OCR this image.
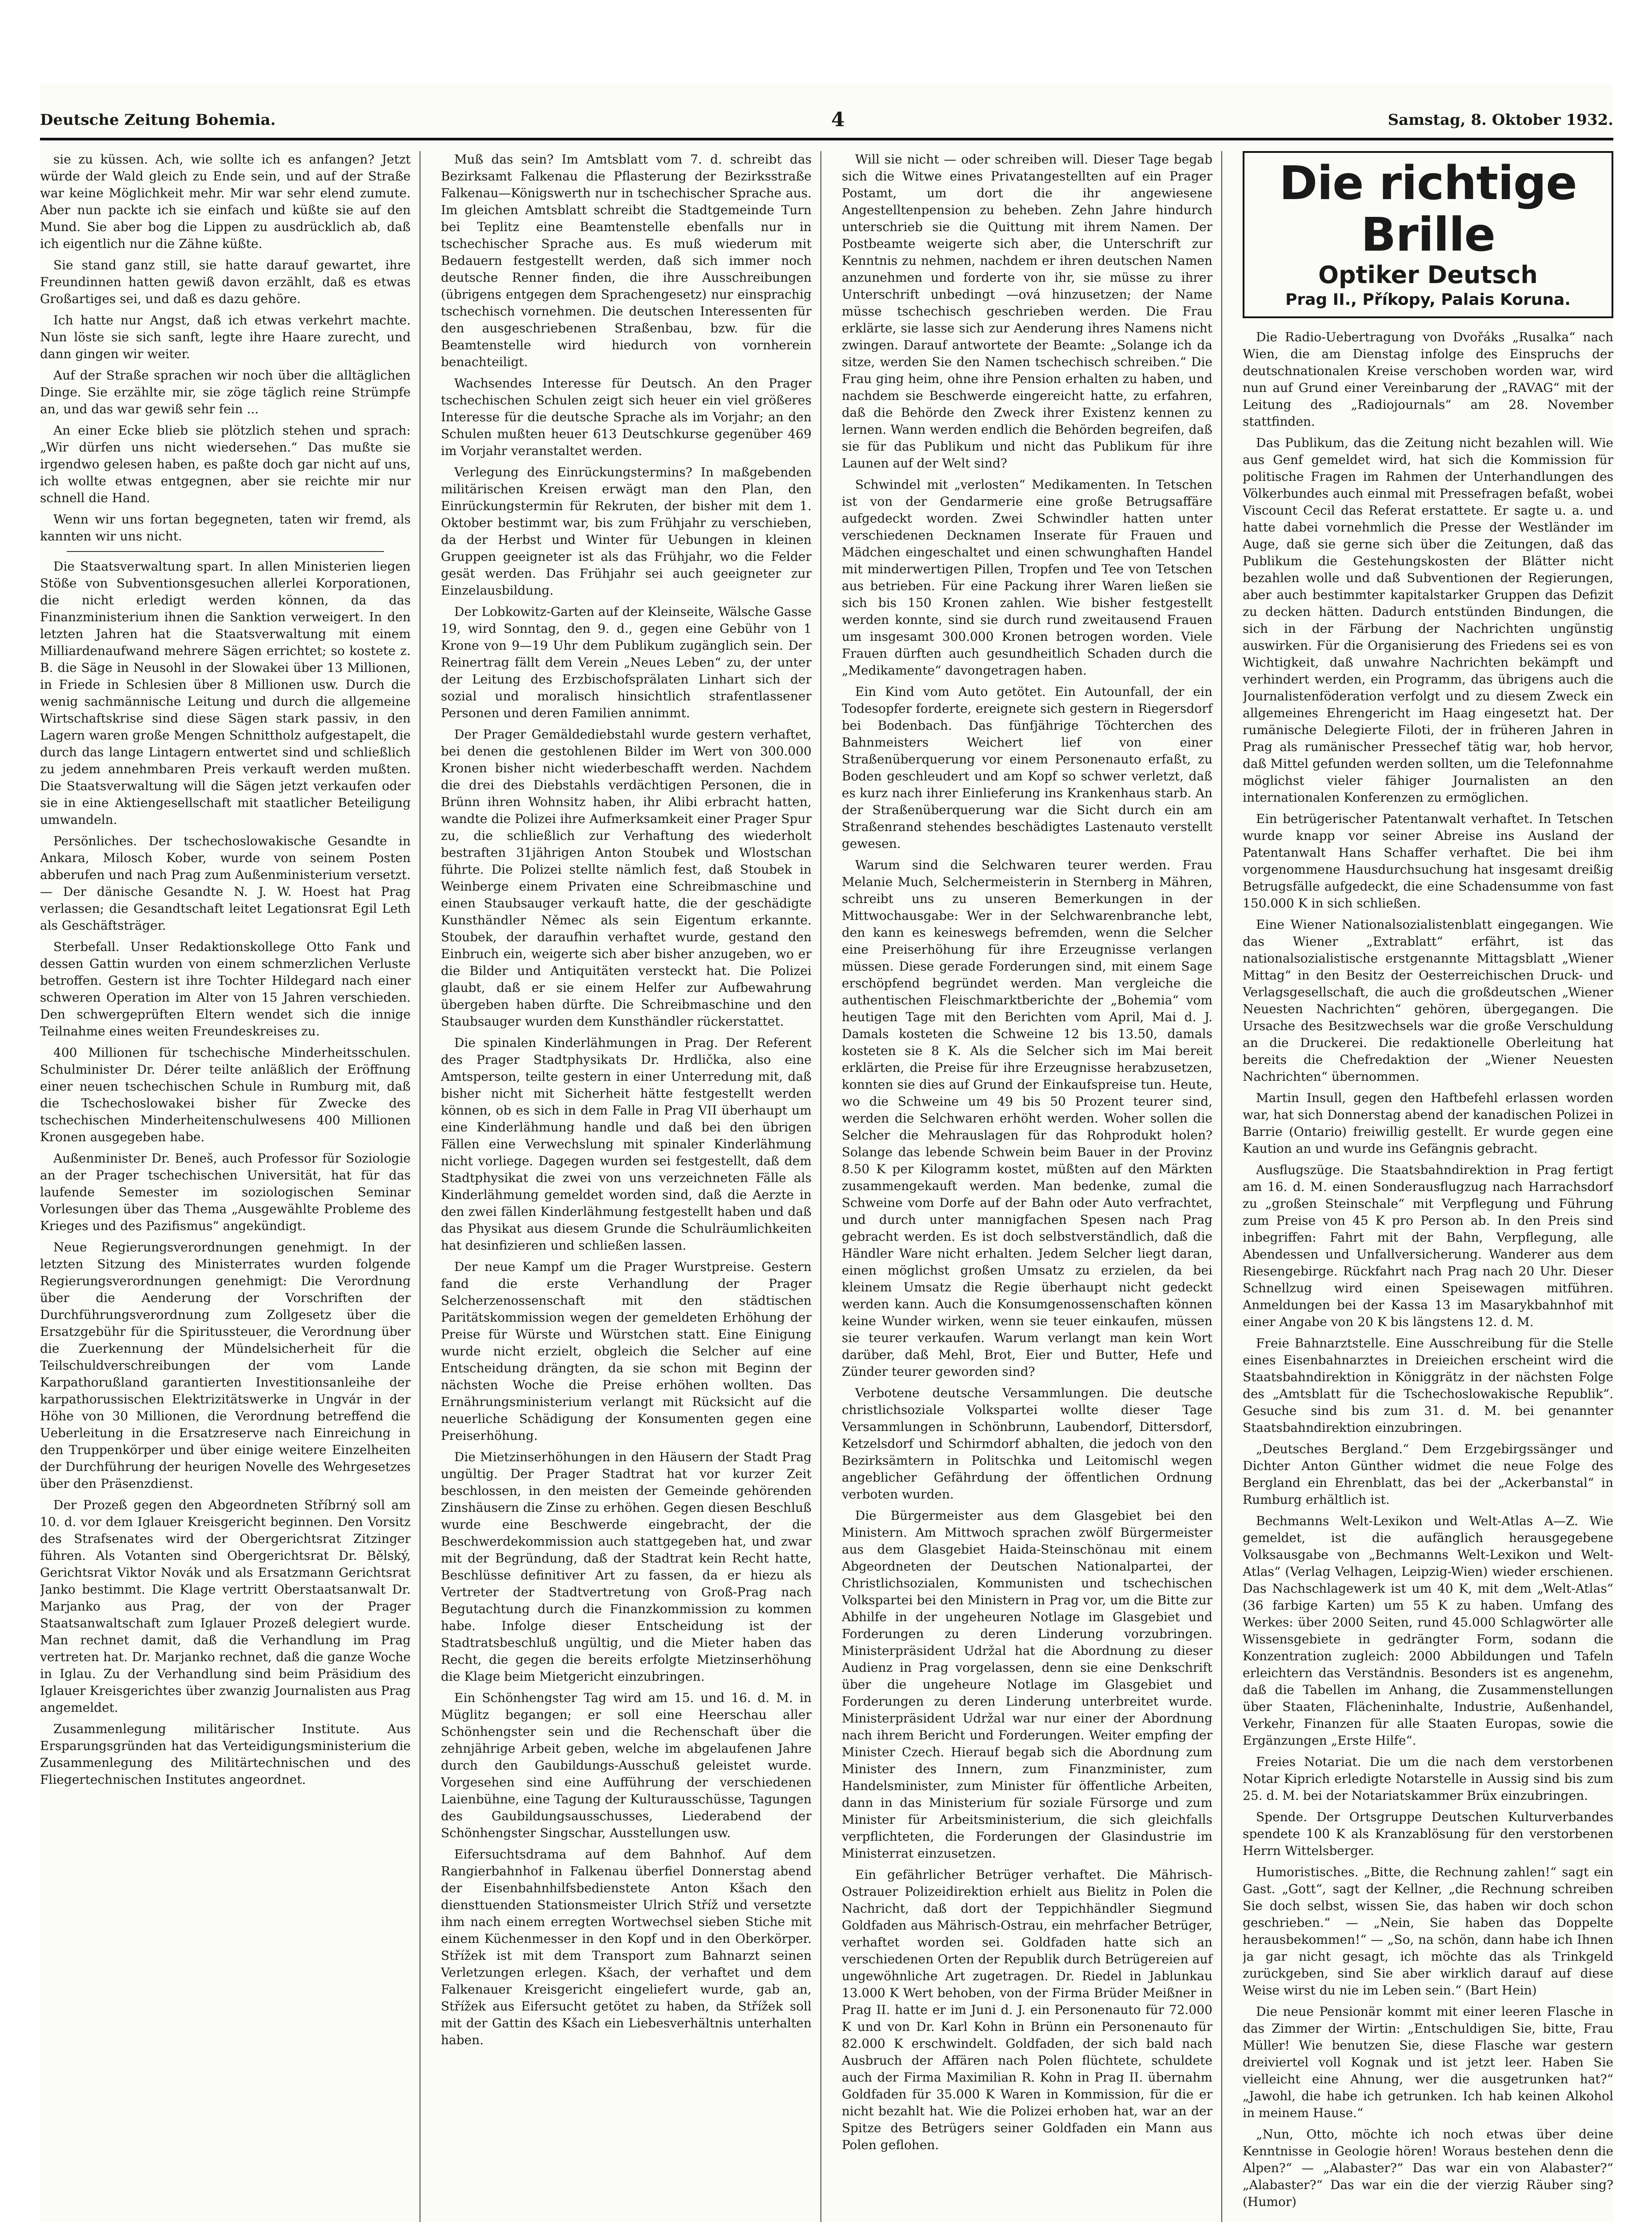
Deutsche Zeitung Bohemia.	4	Samstag, 8. Oktober 1932.

sie zu küssen. Ach, wie sollte ich es anfangen? Jetzt würde der Wald gleich zu Ende sein, und auf der Straße war keine Möglichkeit mehr. Mir war sehr elend zumute. Aber nun packte ich sie einfach und küßte sie auf den Mund. Sie aber bog die Lippen zu ausdrücklich ab, daß ich eigentlich nur die Zähne küßte.

Sie stand ganz still, sie hatte darauf gewartet, ihre Freundinnen hatten gewiß davon erzählt, daß es etwas Großartiges sei, und daß es dazu gehöre.

Ich hatte nur Angst, daß ich etwas verkehrt machte. Nun löste sie sich sanft, legte ihre Haare zurecht, und dann gingen wir weiter.

Auf der Straße sprachen wir noch über die alltäglichen Dinge. Sie erzählte mir, sie zöge täglich reine Strümpfe an, und das war gewiß sehr fein ...

An einer Ecke blieb sie plötzlich stehen und sprach: „Wir dürfen uns nicht wiedersehen.“ Das mußte sie irgendwo gelesen haben, es paßte doch gar nicht auf uns, ich wollte etwas entgegnen, aber sie reichte mir nur schnell die Hand.

Wenn wir uns fortan begegneten, taten wir fremd, als kannten wir uns nicht.

Die Staatsverwaltung spart. In allen Ministerien liegen Stöße von Subventionsgesuchen allerlei Korporationen, die nicht erledigt werden können, da das Finanzministerium ihnen die Sanktion verweigert. In den letzten Jahren hat die Staatsverwaltung mit einem Milliardenaufwand mehrere Sägen errichtet; so kostete z. B. die Säge in Neusohl in der Slowakei über 13 Millionen, in Friede in Schlesien über 8 Millionen usw. Durch die wenig sachmännische Leitung und durch die allgemeine Wirtschaftskrise sind diese Sägen stark passiv, in den Lagern waren große Mengen Schnittholz aufgestapelt, die durch das lange Lintagern entwertet sind und schließlich zu jedem annehmbaren Preis verkauft werden mußten. Die Staatsverwaltung will die Sägen jetzt verkaufen oder sie in eine Aktiengesellschaft mit staatlicher Beteiligung umwandeln.

Persönliches. Der tschechoslowakische Gesandte in Ankara, Milosch Kober, wurde von seinem Posten abberufen und nach Prag zum Außenministerium versetzt. — Der dänische Gesandte N. J. W. Hoest hat Prag verlassen; die Gesandtschaft leitet Legationsrat Egil Leth als Geschäftsträger.

Sterbefall. Unser Redaktionskollege Otto Fank und dessen Gattin wurden von einem schmerzlichen Verluste betroffen. Gestern ist ihre Tochter Hildegard nach einer schweren Operation im Alter von 15 Jahren verschieden. Den schwergeprüften Eltern wendet sich die innige Teilnahme eines weiten Freundeskreises zu.

400 Millionen für tschechische Minderheitsschulen. Schulminister Dr. Dérer teilte anläßlich der Eröffnung einer neuen tschechischen Schule in Rumburg mit, daß die Tschechoslowakei bisher für Zwecke des tschechischen Minderheitenschulwesens 400 Millionen Kronen ausgegeben habe.

Außenminister Dr. Beneš, auch Professor für Soziologie an der Prager tschechischen Universität, hat für das laufende Semester im soziologischen Seminar Vorlesungen über das Thema „Ausgewählte Probleme des Krieges und des Pazifismus“ angekündigt.

Neue Regierungsverordnungen genehmigt. In der letzten Sitzung des Ministerrates wurden folgende Regierungsverordnungen genehmigt: Die Verordnung über die Aenderung der Vorschriften der Durchführungsverordnung zum Zollgesetz über die Ersatzgebühr für die Spiritussteuer, die Verordnung über die Zuerkennung der Mündelsicherheit für die Teilschuldverschreibungen der vom Lande Karpathorußland garantierten Investitionsanleihe der karpathorussischen Elektrizitätswerke in Ungvár in der Höhe von 30 Millionen, die Verordnung betreffend die Ueberleitung in die Ersatzreserve nach Einreichung in den Truppenkörper und über einige weitere Einzelheiten der Durchführung der heurigen Novelle des Wehrgesetzes über den Präsenzdienst.

Der Prozeß gegen den Abgeordneten Stříbrný soll am 10. d. vor dem Iglauer Kreisgericht beginnen. Den Vorsitz des Strafsenates wird der Obergerichtsrat Zitzinger führen. Als Votanten sind Obergerichtsrat Dr. Bělský, Gerichtsrat Viktor Novák und als Ersatzmann Gerichtsrat Janko bestimmt. Die Klage vertritt Oberstaatsanwalt Dr. Marjanko aus Prag, der von der Prager Staatsanwaltschaft zum Iglauer Prozeß delegiert wurde. Man rechnet damit, daß die Verhandlung im Prag vertreten hat. Dr. Marjanko rechnet, daß die ganze Woche in Iglau. Zu der Verhandlung sind beim Präsidium des Iglauer Kreisgerichtes über zwanzig Journalisten aus Prag angemeldet.

Zusammenlegung militärischer Institute. Aus Ersparungsgründen hat das Verteidigungsministerium die Zusammenlegung des Militärtechnischen und des Fliegertechnischen Institutes angeordnet.

Muß das sein? Im Amtsblatt vom 7. d. schreibt das Bezirksamt Falkenau die Pflasterung der Bezirksstraße Falkenau—Königswerth nur in tschechischer Sprache aus. Im gleichen Amtsblatt schreibt die Stadtgemeinde Turn bei Teplitz eine Beamtenstelle ebenfalls nur in tschechischer Sprache aus. Es muß wiederum mit Bedauern festgestellt werden, daß sich immer noch deutsche Renner finden, die ihre Ausschreibungen (übrigens entgegen dem Sprachengesetz) nur einsprachig tschechisch vornehmen. Die deutschen Interessenten für den ausgeschriebenen Straßenbau, bzw. für die Beamtenstelle wird hiedurch von vornherein benachteiligt.

Wachsendes Interesse für Deutsch. An den Prager tschechischen Schulen zeigt sich heuer ein viel größeres Interesse für die deutsche Sprache als im Vorjahr; an den Schulen mußten heuer 613 Deutschkurse gegenüber 469 im Vorjahr veranstaltet werden.

Verlegung des Einrückungstermins? In maßgebenden militärischen Kreisen erwägt man den Plan, den Einrückungstermin für Rekruten, der bisher mit dem 1. Oktober bestimmt war, bis zum Frühjahr zu verschieben, da der Herbst und Winter für Uebungen in kleinen Gruppen geeigneter ist als das Frühjahr, wo die Felder gesät werden. Das Frühjahr sei auch geeigneter zur Einzelausbildung.

Der Lobkowitz-Garten auf der Kleinseite, Wälsche Gasse 19, wird Sonntag, den 9. d., gegen eine Gebühr von 1 Krone von 9—19 Uhr dem Publikum zugänglich sein. Der Reinertrag fällt dem Verein „Neues Leben“ zu, der unter der Leitung des Erzbischofsprälaten Linhart sich der sozial und moralisch hinsichtlich strafentlassener Personen und deren Familien annimmt.

Der Prager Gemäldediebstahl wurde gestern verhaftet, bei denen die gestohlenen Bilder im Wert von 300.000 Kronen bisher nicht wiederbeschafft werden. Nachdem die drei des Diebstahls verdächtigen Personen, die in Brünn ihren Wohnsitz haben, ihr Alibi erbracht hatten, wandte die Polizei ihre Aufmerksamkeit einer Prager Spur zu, die schließlich zur Verhaftung des wiederholt bestraften 31jährigen Anton Stoubek und Wlostschan führte. Die Polizei stellte nämlich fest, daß Stoubek in Weinberge einem Privaten eine Schreibmaschine und einen Staubsauger verkauft hatte, die der geschädigte Kunsthändler Němec als sein Eigentum erkannte. Stoubek, der daraufhin verhaftet wurde, gestand den Einbruch ein, weigerte sich aber bisher anzugeben, wo er die Bilder und Antiquitäten versteckt hat. Die Polizei glaubt, daß er sie einem Helfer zur Aufbewahrung übergeben haben dürfte. Die Schreibmaschine und den Staubsauger wurden dem Kunsthändler rückerstattet.

Die spinalen Kinderlähmungen in Prag. Der Referent des Prager Stadtphysikats Dr. Hrdlička, also eine Amtsperson, teilte gestern in einer Unterredung mit, daß bisher nicht mit Sicherheit hätte festgestellt werden können, ob es sich in dem Falle in Prag VII überhaupt um eine Kinderlähmung handle und daß bei den übrigen Fällen eine Verwechslung mit spinaler Kinderlähmung nicht vorliege. Dagegen wurden sei festgestellt, daß dem Stadtphysikat die zwei von uns verzeichneten Fälle als Kinderlähmung gemeldet worden sind, daß die Aerzte in den zwei fällen Kinderlähmung festgestellt haben und daß das Physikat aus diesem Grunde die Schulräumlichkeiten hat desinfizieren und schließen lassen.

Der neue Kampf um die Prager Wurstpreise. Gestern fand die erste Verhandlung der Prager Selcherzenossenschaft mit den städtischen Paritätskommission wegen der gemeldeten Erhöhung der Preise für Würste und Würstchen statt. Eine Einigung wurde nicht erzielt, obgleich die Selcher auf eine Entscheidung drängten, da sie schon mit Beginn der nächsten Woche die Preise erhöhen wollten. Das Ernährungsministerium verlangt mit Rücksicht auf die neuerliche Schädigung der Konsumenten gegen eine Preiserhöhung.

Die Mietzinserhöhungen in den Häusern der Stadt Prag ungültig. Der Prager Stadtrat hat vor kurzer Zeit beschlossen, in den meisten der Gemeinde gehörenden Zinshäusern die Zinse zu erhöhen. Gegen diesen Beschluß wurde eine Beschwerde eingebracht, der die Beschwerdekommission auch stattgegeben hat, und zwar mit der Begründung, daß der Stadtrat kein Recht hatte, Beschlüsse definitiver Art zu fassen, da er hiezu als Vertreter der Stadtvertretung von Groß-Prag nach Begutachtung durch die Finanzkommission zu kommen habe. Infolge dieser Entscheidung ist der Stadtratsbeschluß ungültig, und die Mieter haben das Recht, die gegen die bereits erfolgte Mietzinserhöhung die Klage beim Mietgericht einzubringen.

Ein Schönhengster Tag wird am 15. und 16. d. M. in Müglitz begangen; er soll eine Heerschau aller Schönhengster sein und die Rechenschaft über die zehnjährige Arbeit geben, welche im abgelaufenen Jahre durch den Gaubildungs-Ausschuß geleistet wurde. Vorgesehen sind eine Aufführung der verschiedenen Laienbühne, eine Tagung der Kulturausschüsse, Tagungen des Gaubildungsausschusses, Liederabend der Schönhengster Singschar, Ausstellungen usw.

Eifersuchtsdrama auf dem Bahnhof. Auf dem Rangierbahnhof in Falkenau überfiel Donnerstag abend der Eisenbahnhilfsbedienstete Anton Kšach den diensttuenden Stationsmeister Ulrich Stříž und versetzte ihm nach einem erregten Wortwechsel sieben Stiche mit einem Küchenmesser in den Kopf und in den Oberkörper. Střížek ist mit dem Transport zum Bahnarzt seinen Verletzungen erlegen. Kšach, der verhaftet und dem Falkenauer Kreisgericht eingeliefert wurde, gab an, Střížek aus Eifersucht getötet zu haben, da Střížek soll mit der Gattin des Kšach ein Liebesverhältnis unterhalten haben.

Will sie nicht — oder schreiben will. Dieser Tage begab sich die Witwe eines Privatangestellten auf ein Prager Postamt, um dort die ihr angewiesene Angestelltenpension zu beheben. Zehn Jahre hindurch unterschrieb sie die Quittung mit ihrem Namen. Der Postbeamte weigerte sich aber, die Unterschrift zur Kenntnis zu nehmen, nachdem er ihren deutschen Namen anzunehmen und forderte von ihr, sie müsse zu ihrer Unterschrift unbedingt —ová hinzusetzen; der Name müsse tschechisch geschrieben werden. Die Frau erklärte, sie lasse sich zur Aenderung ihres Namens nicht zwingen. Darauf antwortete der Beamte: „Solange ich da sitze, werden Sie den Namen tschechisch schreiben.“ Die Frau ging heim, ohne ihre Pension erhalten zu haben, und nachdem sie Beschwerde eingereicht hatte, zu erfahren, daß die Behörde den Zweck ihrer Existenz kennen zu lernen. Wann werden endlich die Behörden begreifen, daß sie für das Publikum und nicht das Publikum für ihre Launen auf der Welt sind?

Schwindel mit „verlosten“ Medikamenten. In Tetschen ist von der Gendarmerie eine große Betrugsaffäre aufgedeckt worden. Zwei Schwindler hatten unter verschiedenen Decknamen Inserate für Frauen und Mädchen eingeschaltet und einen schwunghaften Handel mit minderwertigen Pillen, Tropfen und Tee von Tetschen aus betrieben. Für eine Packung ihrer Waren ließen sie sich bis 150 Kronen zahlen. Wie bisher festgestellt werden konnte, sind sie durch rund zweitausend Frauen um insgesamt 300.000 Kronen betrogen worden. Viele Frauen dürften auch gesundheitlich Schaden durch die „Medikamente“ davongetragen haben.

Ein Kind vom Auto getötet. Ein Autounfall, der ein Todesopfer forderte, ereignete sich gestern in Riegersdorf bei Bodenbach. Das fünfjährige Töchterchen des Bahnmeisters Weichert lief von einer Straßenüberquerung vor einem Personenauto erfaßt, zu Boden geschleudert und am Kopf so schwer verletzt, daß es kurz nach ihrer Einlieferung ins Krankenhaus starb. An der Straßenüberquerung war die Sicht durch ein am Straßenrand stehendes beschädigtes Lastenauto verstellt gewesen.

Warum sind die Selchwaren teurer werden. Frau Melanie Much, Selchermeisterin in Sternberg in Mähren, schreibt uns zu unseren Bemerkungen in der Mittwochausgabe: Wer in der Selchwarenbranche lebt, den kann es keineswegs befremden, wenn die Selcher eine Preiserhöhung für ihre Erzeugnisse verlangen müssen. Diese gerade Forderungen sind, mit einem Sage erschöpfend begründet werden. Man vergleiche die authentischen Fleischmarktberichte der „Bohemia“ vom heutigen Tage mit den Berichten vom April, Mai d. J. Damals kosteten die Schweine 12 bis 13.50, damals kosteten sie 8 K. Als die Selcher sich im Mai bereit erklärten, die Preise für ihre Erzeugnisse herabzusetzen, konnten sie dies auf Grund der Einkaufspreise tun. Heute, wo die Schweine um 49 bis 50 Prozent teurer sind, werden die Selchwaren erhöht werden. Woher sollen die Selcher die Mehrauslagen für das Rohprodukt holen? Solange das lebende Schwein beim Bauer in der Provinz 8.50 K per Kilogramm kostet, müßten auf den Märkten zusammengekauft werden. Man bedenke, zumal die Schweine vom Dorfe auf der Bahn oder Auto verfrachtet, und durch unter mannigfachen Spesen nach Prag gebracht werden. Es ist doch selbstverständlich, daß die Händler Ware nicht erhalten. Jedem Selcher liegt daran, einen möglichst großen Umsatz zu erzielen, da bei kleinem Umsatz die Regie überhaupt nicht gedeckt werden kann. Auch die Konsumgenossenschaften können keine Wunder wirken, wenn sie teuer einkaufen, müssen sie teurer verkaufen. Warum verlangt man kein Wort darüber, daß Mehl, Brot, Eier und Butter, Hefe und Zünder teurer geworden sind?

Verbotene deutsche Versammlungen. Die deutsche christlichsoziale Volkspartei wollte dieser Tage Versammlungen in Schönbrunn, Laubendorf, Dittersdorf, Ketzelsdorf und Schirmdorf abhalten, die jedoch von den Bezirksämtern in Politschka und Leitomischl wegen angeblicher Gefährdung der öffentlichen Ordnung verboten wurden.

Die Bürgermeister aus dem Glasgebiet bei den Ministern. Am Mittwoch sprachen zwölf Bürgermeister aus dem Glasgebiet Haida-Steinschönau mit einem Abgeordneten der Deutschen Nationalpartei, der Christlichsozialen, Kommunisten und tschechischen Volkspartei bei den Ministern in Prag vor, um die Bitte zur Abhilfe in der ungeheuren Notlage im Glasgebiet und Forderungen zu deren Linderung vorzubringen. Ministerpräsident Udržal hat die Abordnung zu dieser Audienz in Prag vorgelassen, denn sie eine Denkschrift über die ungeheure Notlage im Glasgebiet und Forderungen zu deren Linderung unterbreitet wurde. Ministerpräsident Udržal war nur einer der Abordnung nach ihrem Bericht und Forderungen. Weiter empfing der Minister Czech. Hierauf begab sich die Abordnung zum Minister des Innern, zum Finanzminister, zum Handelsminister, zum Minister für öffentliche Arbeiten, dann in das Ministerium für soziale Fürsorge und zum Minister für Arbeitsministerium, die sich gleichfalls verpflichteten, die Forderungen der Glasindustrie im Ministerrat einzusetzen.

Ein gefährlicher Betrüger verhaftet. Die Mährisch-Ostrauer Polizeidirektion erhielt aus Bielitz in Polen die Nachricht, daß dort der Teppichhändler Siegmund Goldfaden aus Mährisch-Ostrau, ein mehrfacher Betrüger, verhaftet worden sei. Goldfaden hatte sich an verschiedenen Orten der Republik durch Betrügereien auf ungewöhnliche Art zugetragen. Dr. Riedel in Jablunkau 13.000 K Wert behoben, von der Firma Brüder Meißner in Prag II. hatte er im Juni d. J. ein Personenauto für 72.000 K und von Dr. Karl Kohn in Brünn ein Personenauto für 82.000 K erschwindelt. Goldfaden, der sich bald nach Ausbruch der Affären nach Polen flüchtete, schuldete auch der Firma Maximilian R. Kohn in Prag II. übernahm Goldfaden für 35.000 K Waren in Kommission, für die er nicht bezahlt hat. Wie die Polizei erhoben hat, war an der Spitze des Betrügers seiner Goldfaden ein Mann aus Polen geflohen.

Die richtige Brille
Optiker Deutsch
Prag II., Příkopy, Palais Koruna.

Die Radio-Uebertragung von Dvořáks „Rusalka“ nach Wien, die am Dienstag infolge des Einspruchs der deutschnationalen Kreise verschoben worden war, wird nun auf Grund einer Vereinbarung der „RAVAG“ mit der Leitung des „Radiojournals“ am 28. November stattfinden.

Das Publikum, das die Zeitung nicht bezahlen will. Wie aus Genf gemeldet wird, hat sich die Kommission für politische Fragen im Rahmen der Unterhandlungen des Völkerbundes auch einmal mit Pressefragen befaßt, wobei Viscount Cecil das Referat erstattete. Er sagte u. a. und hatte dabei vornehmlich die Presse der Westländer im Auge, daß sie gerne sich über die Zeitungen, daß das Publikum die Gestehungskosten der Blätter nicht bezahlen wolle und daß Subventionen der Regierungen, aber auch bestimmter kapitalstarker Gruppen das Defizit zu decken hätten. Dadurch entstünden Bindungen, die sich in der Färbung der Nachrichten ungünstig auswirken. Für die Organisierung des Friedens sei es von Wichtigkeit, daß unwahre Nachrichten bekämpft und verhindert werden, ein Programm, das übrigens auch die Journalistenföderation verfolgt und zu diesem Zweck ein allgemeines Ehrengericht im Haag eingesetzt hat. Der rumänische Delegierte Filoti, der in früheren Jahren in Prag als rumänischer Pressechef tätig war, hob hervor, daß Mittel gefunden werden sollten, um die Telefonnahme möglichst vieler fähiger Journalisten an den internationalen Konferenzen zu ermöglichen.

Ein betrügerischer Patentanwalt verhaftet. In Tetschen wurde knapp vor seiner Abreise ins Ausland der Patentanwalt Hans Schaffer verhaftet. Die bei ihm vorgenommene Hausdurchsuchung hat insgesamt dreißig Betrugsfälle aufgedeckt, die eine Schadensumme von fast 150.000 K in sich schließen.

Eine Wiener Nationalsozialistenblatt eingegangen. Wie das Wiener „Extrablatt“ erfährt, ist das nationalsozialistische erstgenannte Mittagsblatt „Wiener Mittag“ in den Besitz der Oesterreichischen Druck- und Verlagsgesellschaft, die auch die großdeutschen „Wiener Neuesten Nachrichten“ gehören, übergegangen. Die Ursache des Besitzwechsels war die große Verschuldung an die Druckerei. Die redaktionelle Oberleitung hat bereits die Chefredaktion der „Wiener Neuesten Nachrichten“ übernommen.

Martin Insull, gegen den Haftbefehl erlassen worden war, hat sich Donnerstag abend der kanadischen Polizei in Barrie (Ontario) freiwillig gestellt. Er wurde gegen eine Kaution an und wurde ins Gefängnis gebracht.

Ausflugszüge. Die Staatsbahndirektion in Prag fertigt am 16. d. M. einen Sonderausflugzug nach Harrachsdorf zu „großen Steinschale“ mit Verpflegung und Führung zum Preise von 45 K pro Person ab. In den Preis sind inbegriffen: Fahrt mit der Bahn, Verpflegung, alle Abendessen und Unfallversicherung. Wanderer aus dem Riesengebirge. Rückfahrt nach Prag nach 20 Uhr. Dieser Schnellzug wird einen Speisewagen mitführen. Anmeldungen bei der Kassa 13 im Masarykbahnhof mit einer Angabe von 20 K bis längstens 12. d. M.

Freie Bahnarztstelle. Eine Ausschreibung für die Stelle eines Eisenbahnarztes in Dreieichen erscheint wird die Staatsbahndirektion in Königgrätz in der nächsten Folge des „Amtsblatt für die Tschechoslowakische Republik“. Gesuche sind bis zum 31. d. M. bei genannter Staatsbahndirektion einzubringen.

„Deutsches Bergland.“ Dem Erzgebirgssänger und Dichter Anton Günther widmet die neue Folge des Bergland ein Ehrenblatt, das bei der „Ackerbanstal“ in Rumburg erhältlich ist.

Bechmanns Welt-Lexikon und Welt-Atlas A—Z. Wie gemeldet, ist die aufänglich herausgegebene Volksausgabe von „Bechmanns Welt-Lexikon und Welt-Atlas“ (Verlag Velhagen, Leipzig-Wien) wieder erschienen. Das Nachschlagewerk ist um 40 K, mit dem „Welt-Atlas“ (36 farbige Karten) um 55 K zu haben. Umfang des Werkes: über 2000 Seiten, rund 45.000 Schlagwörter alle Wissensgebiete in gedrängter Form, sodann die Konzentration zugleich: 2000 Abbildungen und Tafeln erleichtern das Verständnis. Besonders ist es angenehm, daß die Tabellen im Anhang, die Zusammenstellungen über Staaten, Flächeninhalte, Industrie, Außenhandel, Verkehr, Finanzen für alle Staaten Europas, sowie die Ergänzungen „Erste Hilfe“.

Freies Notariat. Die um die nach dem verstorbenen Notar Kiprich erledigte Notarstelle in Aussig sind bis zum 25. d. M. bei der Notariatskammer Brüx einzubringen.

Spende. Der Ortsgruppe Deutschen Kulturverbandes spendete 100 K als Kranzablösung für den verstorbenen Herrn Wittelsberger.

Humoristisches. „Bitte, die Rechnung zahlen!“ sagt ein Gast. „Gott“, sagt der Kellner, „die Rechnung schreiben Sie doch selbst, wissen Sie, das haben wir doch schon geschrieben.“ — „Nein, Sie haben das Doppelte herausbekommen!“ — „So, na schön, dann habe ich Ihnen ja gar nicht gesagt, ich möchte das als Trinkgeld zurückgeben, sind Sie aber wirklich darauf auf diese Weise wirst du nie im Leben sein.“ (Bart Hein)

Die neue Pensionär kommt mit einer leeren Flasche in das Zimmer der Wirtin: „Entschuldigen Sie, bitte, Frau Müller! Wie benutzen Sie, diese Flasche war gestern dreiviertel voll Kognak und ist jetzt leer. Haben Sie vielleicht eine Ahnung, wer die ausgetrunken hat?“ „Jawohl, die habe ich getrunken. Ich hab keinen Alkohol in meinem Hause.“

„Nun, Otto, möchte ich noch etwas über deine Kenntnisse in Geologie hören! Woraus bestehen denn die Alpen?“ — „Alabaster?“ Das war ein von Alabaster?“ „Alabaster?“ Das war ein die der vierzig Räuber sing? (Humor)
